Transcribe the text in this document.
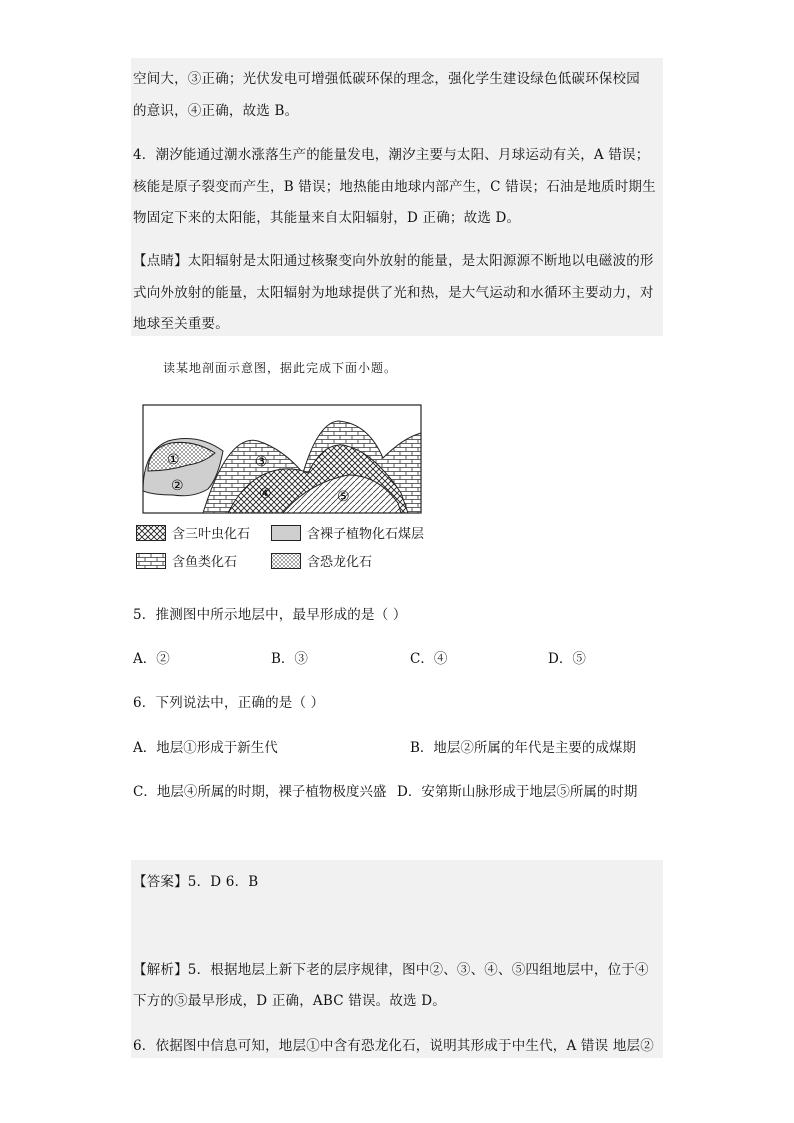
空间大，③正确；光伏发电可增强低碳环保的理念，强化学生建设绿色低碳环保校园
的意识，④正确，故选 B。
4．潮汐能通过潮水涨落生产的能量发电，潮汐主要与太阳、月球运动有关，A 错误；
核能是原子裂变而产生，B 错误；地热能由地球内部产生，C 错误；石油是地质时期生
物固定下来的太阳能，其能量来自太阳辐射，D 正确；故选 D。
【点睛】太阳辐射是太阳通过核聚变向外放射的能量，是太阳源源不断地以电磁波的形
式向外放射的能量，太阳辐射为地球提供了光和热，是大气运动和水循环主要动力，对
地球至关重要。
读某地剖面示意图，据此完成下面小题。
①
②
③
④	⑤
含三叶虫化石	含裸子植物化石煤层
含鱼类化石	含恐龙化石
5．推测图中所示地层中，最早形成的是（ ）
A．②	B．③	C．④	D．⑤
6．下列说法中，正确的是（ ）
A．地层①形成于新生代	B．地层②所属的年代是主要的成煤期
C．地层④所属的时期，裸子植物极度兴盛 D．安第斯山脉形成于地层⑤所属的时期
【答案】5．D 6．B
【解析】5．根据地层上新下老的层序规律，图中②、③、④、⑤四组地层中，位于④
下方的⑤最早形成，D 正确，ABC 错误。故选 D。
6．依据图中信息可知，地层①中含有恐龙化石，说明其形成于中生代，A 错误 地层②
